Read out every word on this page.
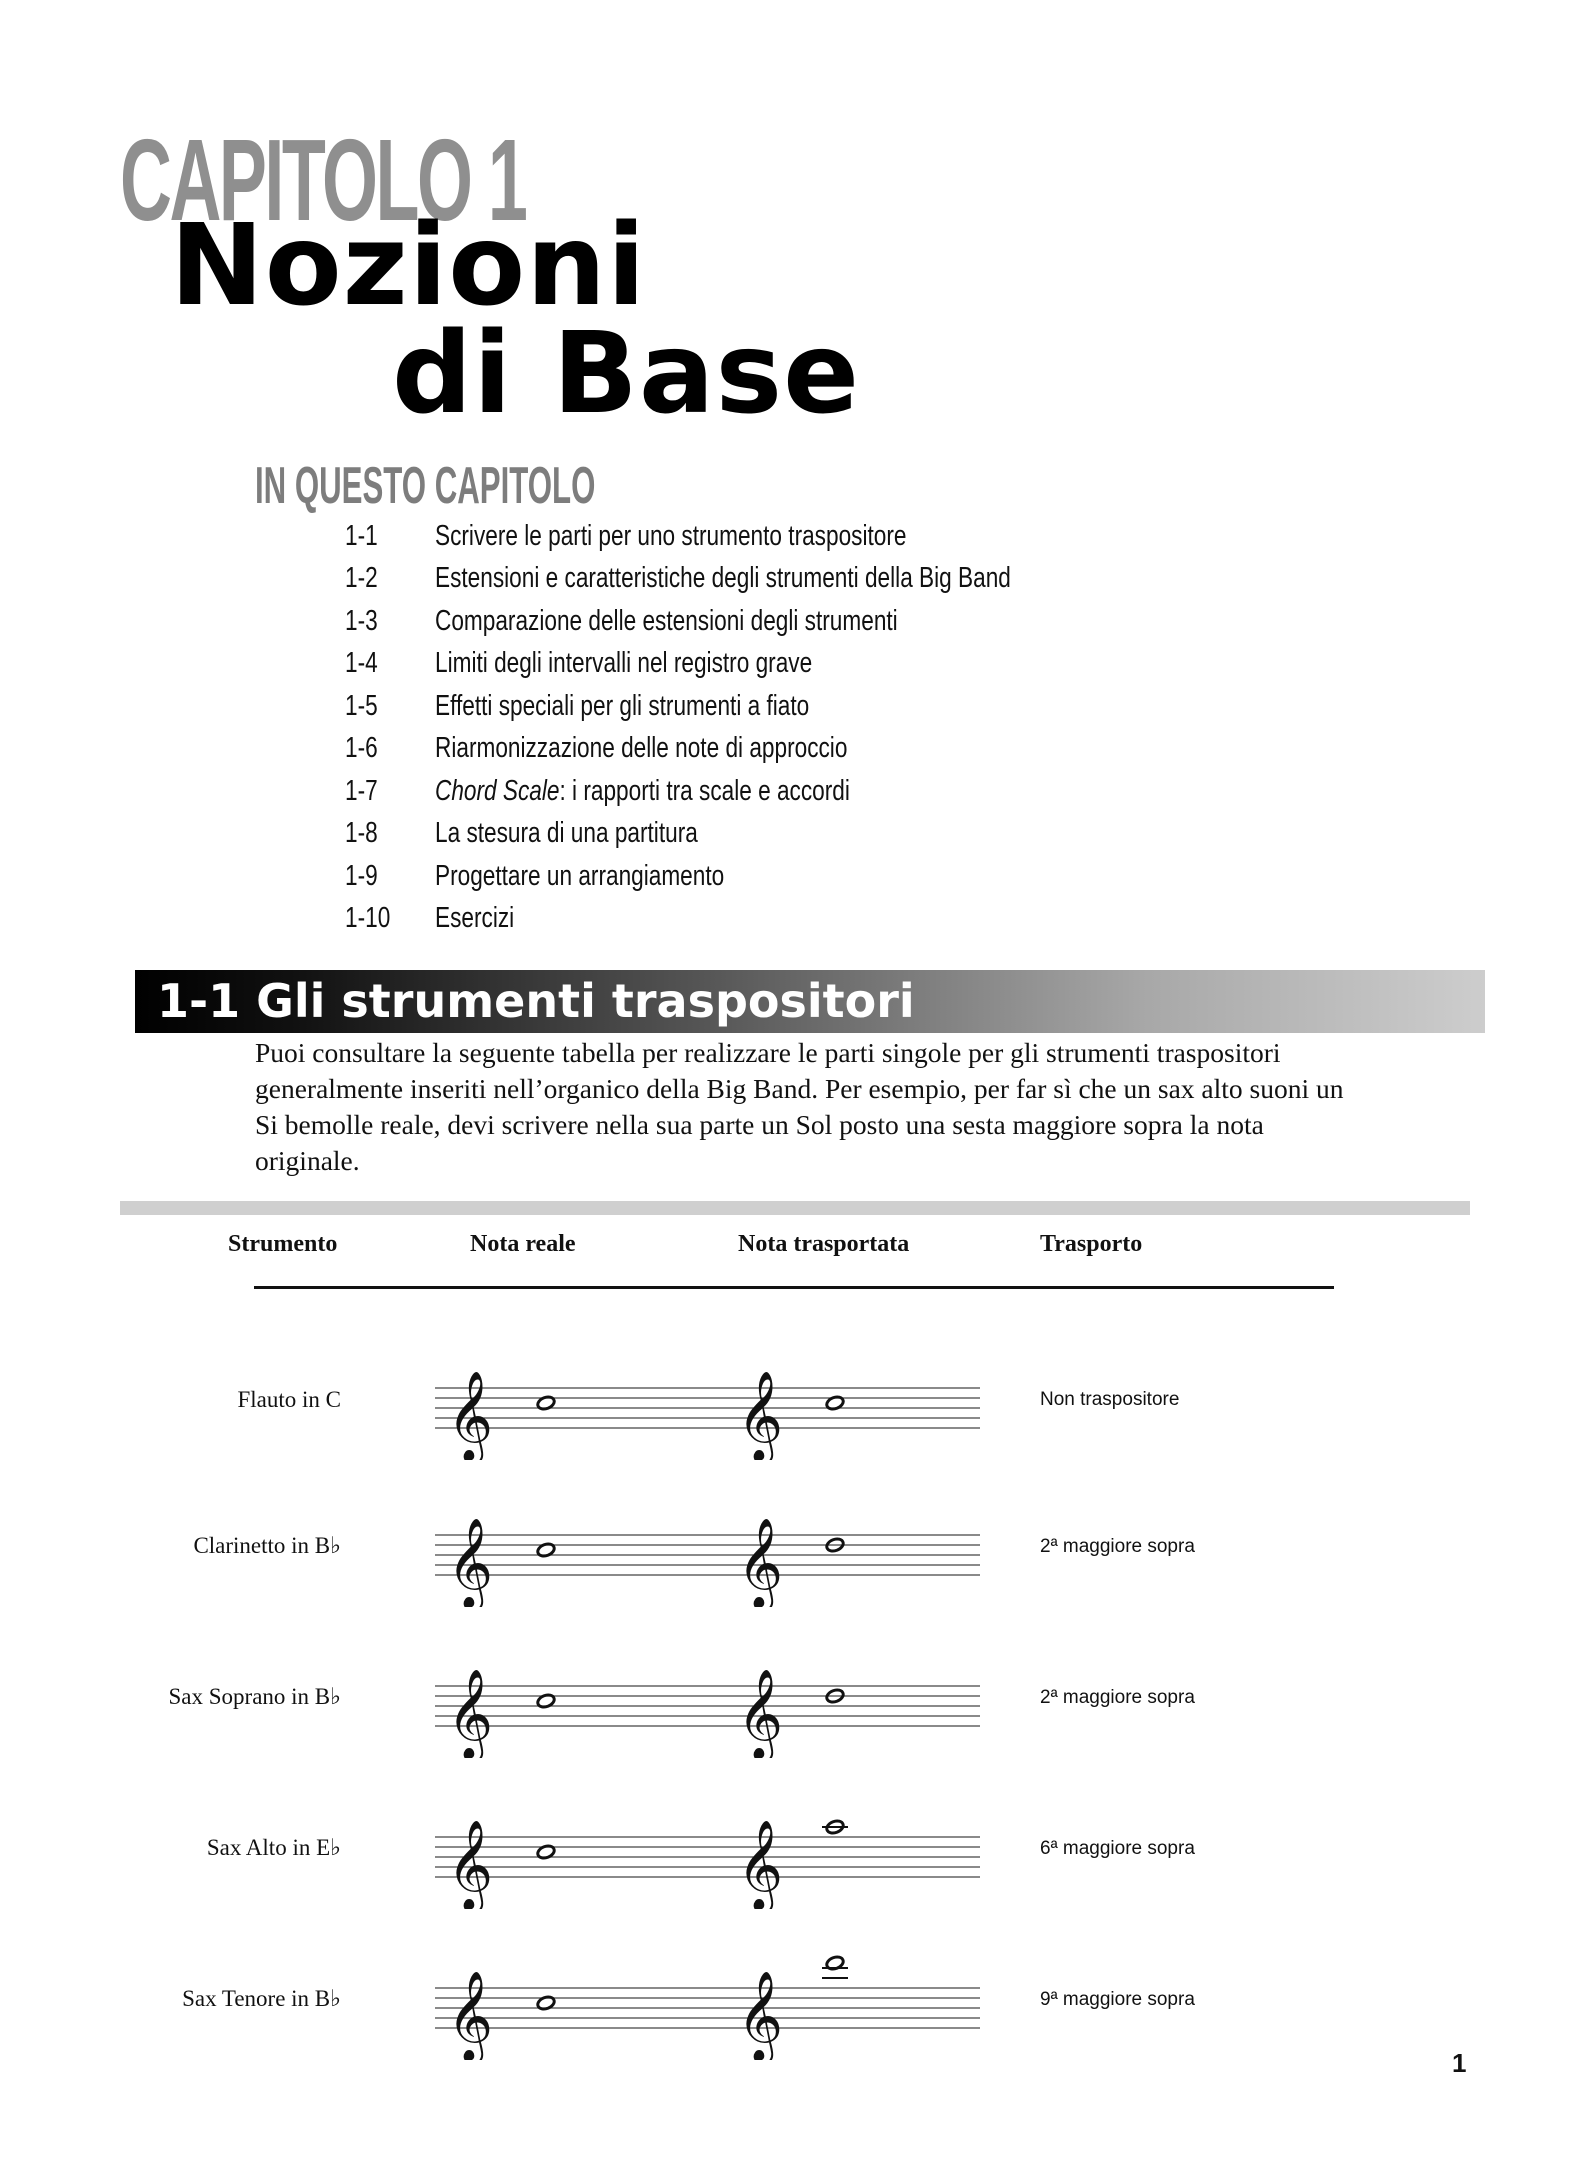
CAPITOLO 1
Nozioni
di Base
IN QUESTO CAPITOLO
1-1 Scrivere le parti per uno strumento traspositore
1-2 Estensioni e caratteristiche degli strumenti della Big Band
1-3 Comparazione delle estensioni degli strumenti
1-4 Limiti degli intervalli nel registro grave
1-5 Effetti speciali per gli strumenti a fiato
1-6 Riarmonizzazione delle note di approccio
1-7 Chord Scale: i rapporti tra scale e accordi
1-8 La stesura di una partitura
1-9 Progettare un arrangiamento
1-10 Esercizi
1-1 Gli strumenti traspositori
Puoi consultare la seguente tabella per realizzare le parti singole per gli strumenti traspositori generalmente inseriti nell’organico della Big Band. Per esempio, per far sì che un sax alto suoni un Si bemolle reale, devi scrivere nella sua parte un Sol posto una sesta maggiore sopra la nota originale.
Strumento	Nota reale	Nota trasportata	Trasporto
Flauto in C 𝄞	𝄞	Non traspositore
Clarinetto in B♭ 𝄞	𝄞	2ª maggiore sopra
Sax Soprano in B♭ 𝄞	𝄞	2ª maggiore sopra
Sax Alto in E♭ 𝄞	𝄞	6ª maggiore sopra
Sax Tenore in B♭ 𝄞	𝄞	9ª maggiore sopra
1
